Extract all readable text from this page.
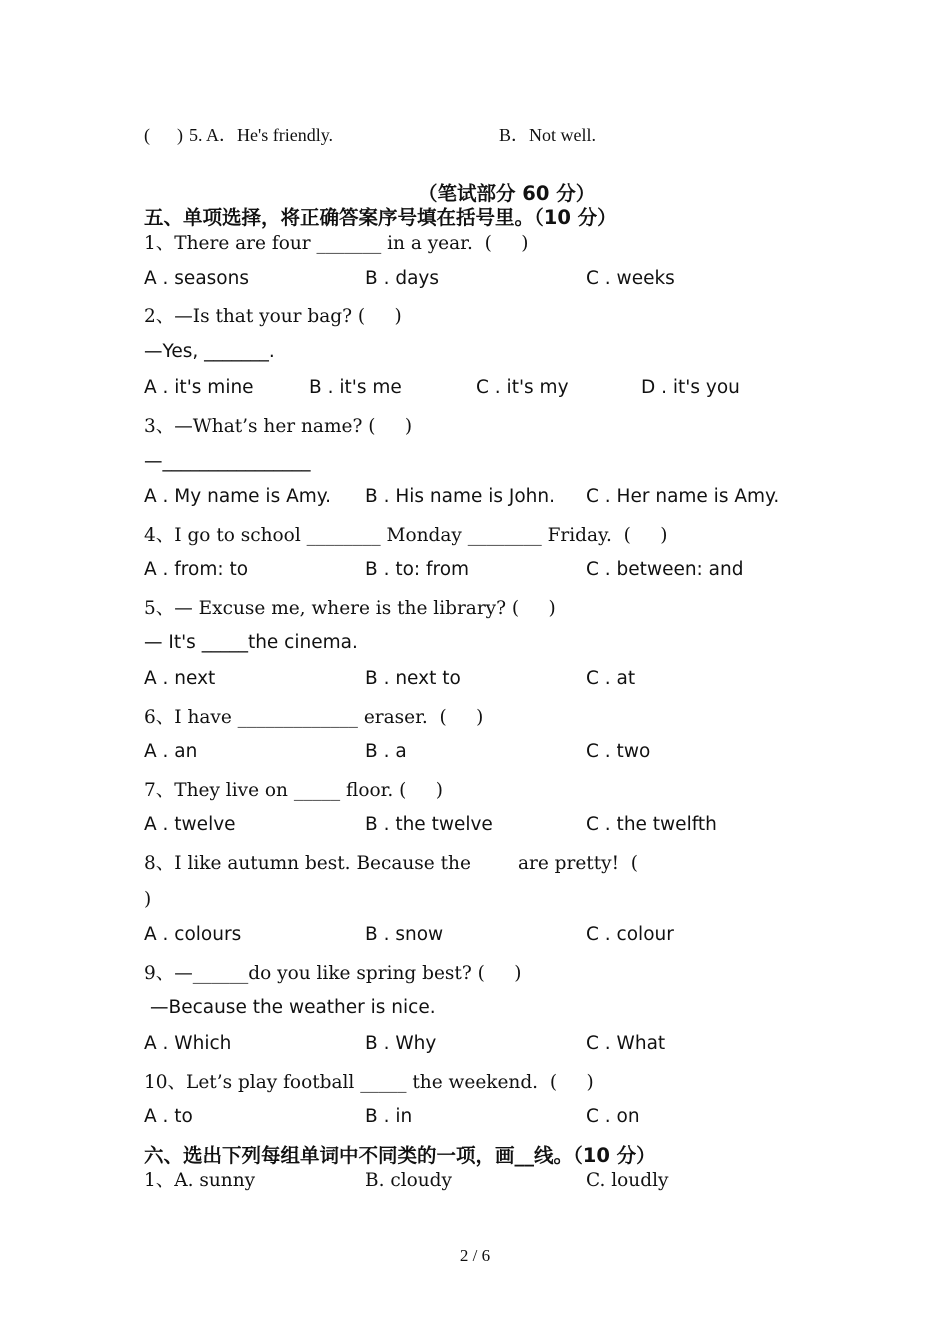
(      ) 5. A．He's friendly.	B．Not well.
（笔试部分 60 分）
五、单项选择，将正确答案序号填在括号里。（10 分）
1、There are four _______ in a year.  (     )
A . seasons	B . days	C . weeks
2、—Is that your bag? (     )
—Yes, _______.
A . it's mine	B . it's me	C . it's my	D . it's you
3、—What’s her name? (     )
—________________
A . My name is Amy. B . His name is John. C . Her name is Amy.
4、I go to school ________ Monday ________ Friday.  (     )
A . from: to	B . to: from	C . between: and
5、— Excuse me, where is the library? (     )
— It's _____the cinema.
A . next	B . next to	C . at
6、I have _____________ eraser.  (     )
A . an	B . a	C . two
7、They live on _____ floor. (     )
A . twelve	B . the twelve	C . the twelfth
8、I like autumn best. Because the        are pretty!  (
)
A . colours	B . snow	C . colour
9、—______do you like spring best? (     )
—Because the weather is nice.
A . Which	B . Why	C . What
10、Let’s play football _____ the weekend.  (     )
A . to	B . in	C . on
六、选出下列每组单词中不同类的一项，画__线。（10 分）
1、A. sunny	B. cloudy	C. loudly
2 / 6
